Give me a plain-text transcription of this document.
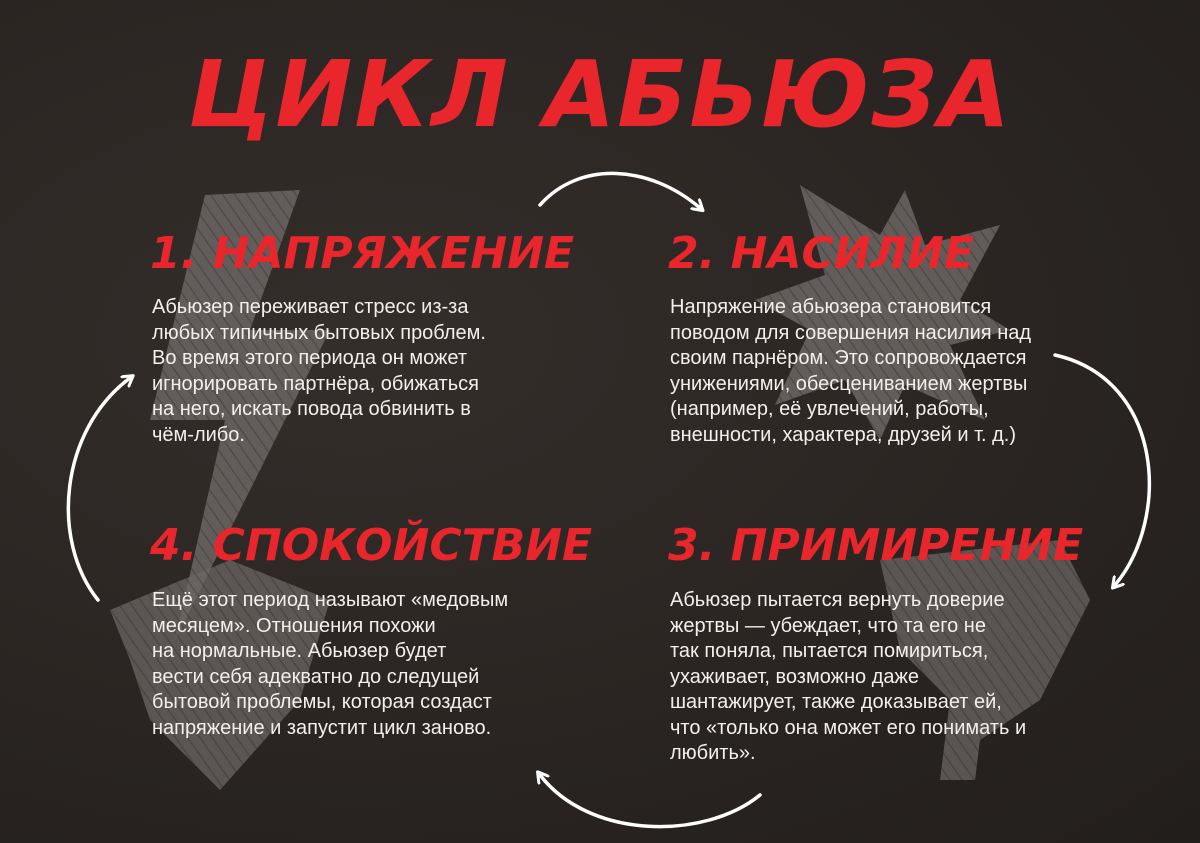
ЦИКЛ АБЬЮЗА
1. НАПРЯЖЕНИЕ
Абьюзер переживает стресс из-за
любых типичных бытовых проблем.
Во время этого периода он может
игнорировать партнёра, обижаться
на него, искать повода обвинить в
чём-либо.
2. НАСИЛИЕ
Напряжение абьюзера становится
поводом для совершения насилия над
своим парнёром. Это сопровождается
унижениями, обесцениванием жертвы
(например, её увлечений, работы,
внешности, характера, друзей и т. д.)
3. ПРИМИРЕНИЕ
Абьюзер пытается вернуть доверие
жертвы — убеждает, что та его не
так поняла, пытается помириться,
ухаживает, возможно даже
шантажирует, также доказывает ей,
что «только она может его понимать и
любить».
4. СПОКОЙСТВИЕ
Ещё этот период называют «медовым
месяцем». Отношения похожи
на нормальные. Абьюзер будет
вести себя адекватно до следущей
бытовой проблемы, которая создаст
напряжение и запустит цикл заново.
